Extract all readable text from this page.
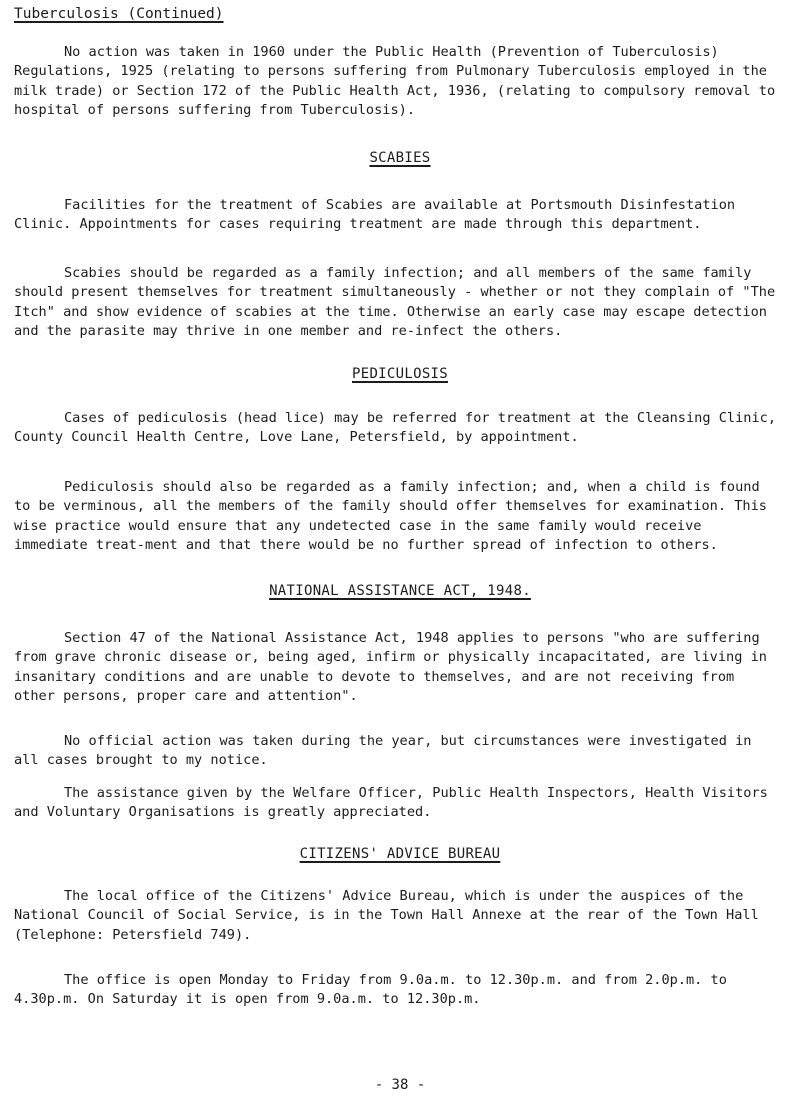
Tuberculosis (Continued)

No action was taken in 1960 under the Public Health (Prevention of Tuberculosis) Regulations, 1925 (relating to persons suffering from Pulmonary Tuberculosis employed in the milk trade) or Section 172 of the Public Health Act, 1936, (relating to compulsory removal to hospital of persons suffering from Tuberculosis).

SCABIES

Facilities for the treatment of Scabies are available at Portsmouth Disinfestation Clinic. Appointments for cases requiring treatment are made through this department.

Scabies should be regarded as a family infection; and all members of the same family should present themselves for treatment simultaneously - whether or not they complain of "The Itch" and show evidence of scabies at the time. Otherwise an early case may escape detection and the parasite may thrive in one member and re-infect the others.

PEDICULOSIS

Cases of pediculosis (head lice) may be referred for treatment at the Cleansing Clinic, County Council Health Centre, Love Lane, Petersfield, by appointment.

Pediculosis should also be regarded as a family infection; and, when a child is found to be verminous, all the members of the family should offer themselves for examination. This wise practice would ensure that any undetected case in the same family would receive immediate treat-ment and that there would be no further spread of infection to others.

NATIONAL ASSISTANCE ACT, 1948.

Section 47 of the National Assistance Act, 1948 applies to persons "who are suffering from grave chronic disease or, being aged, infirm or physically incapacitated, are living in insanitary conditions and are unable to devote to themselves, and are not receiving from other persons, proper care and attention".

No official action was taken during the year, but circumstances were investigated in all cases brought to my notice.

The assistance given by the Welfare Officer, Public Health Inspectors, Health Visitors and Voluntary Organisations is greatly appreciated.

CITIZENS' ADVICE BUREAU

The local office of the Citizens' Advice Bureau, which is under the auspices of the National Council of Social Service, is in the Town Hall Annexe at the rear of the Town Hall (Telephone: Petersfield 749).

The office is open Monday to Friday from 9.0a.m. to 12.30p.m. and from 2.0p.m. to 4.30p.m. On Saturday it is open from 9.0a.m. to 12.30p.m.

- 38 -
